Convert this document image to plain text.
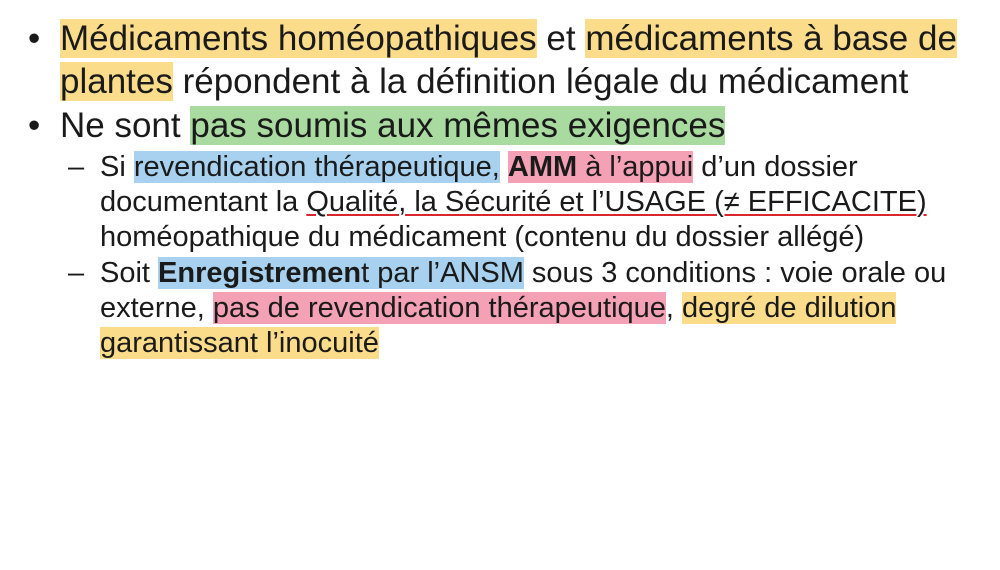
• Médicaments homéopathiques et médicaments à base de plantes répondent à la définition légale du médicament
• Ne sont pas soumis aux mêmes exigences
– Si revendication thérapeutique, AMM à l’appui d’un dossier documentant la Qualité, la Sécurité et l’USAGE (≠ EFFICACITE) homéopathique du médicament (contenu du dossier allégé)
– Soit Enregistrement par l’ANSM sous 3 conditions : voie orale ou externe, pas de revendication thérapeutique, degré de dilution garantissant l’inocuité
